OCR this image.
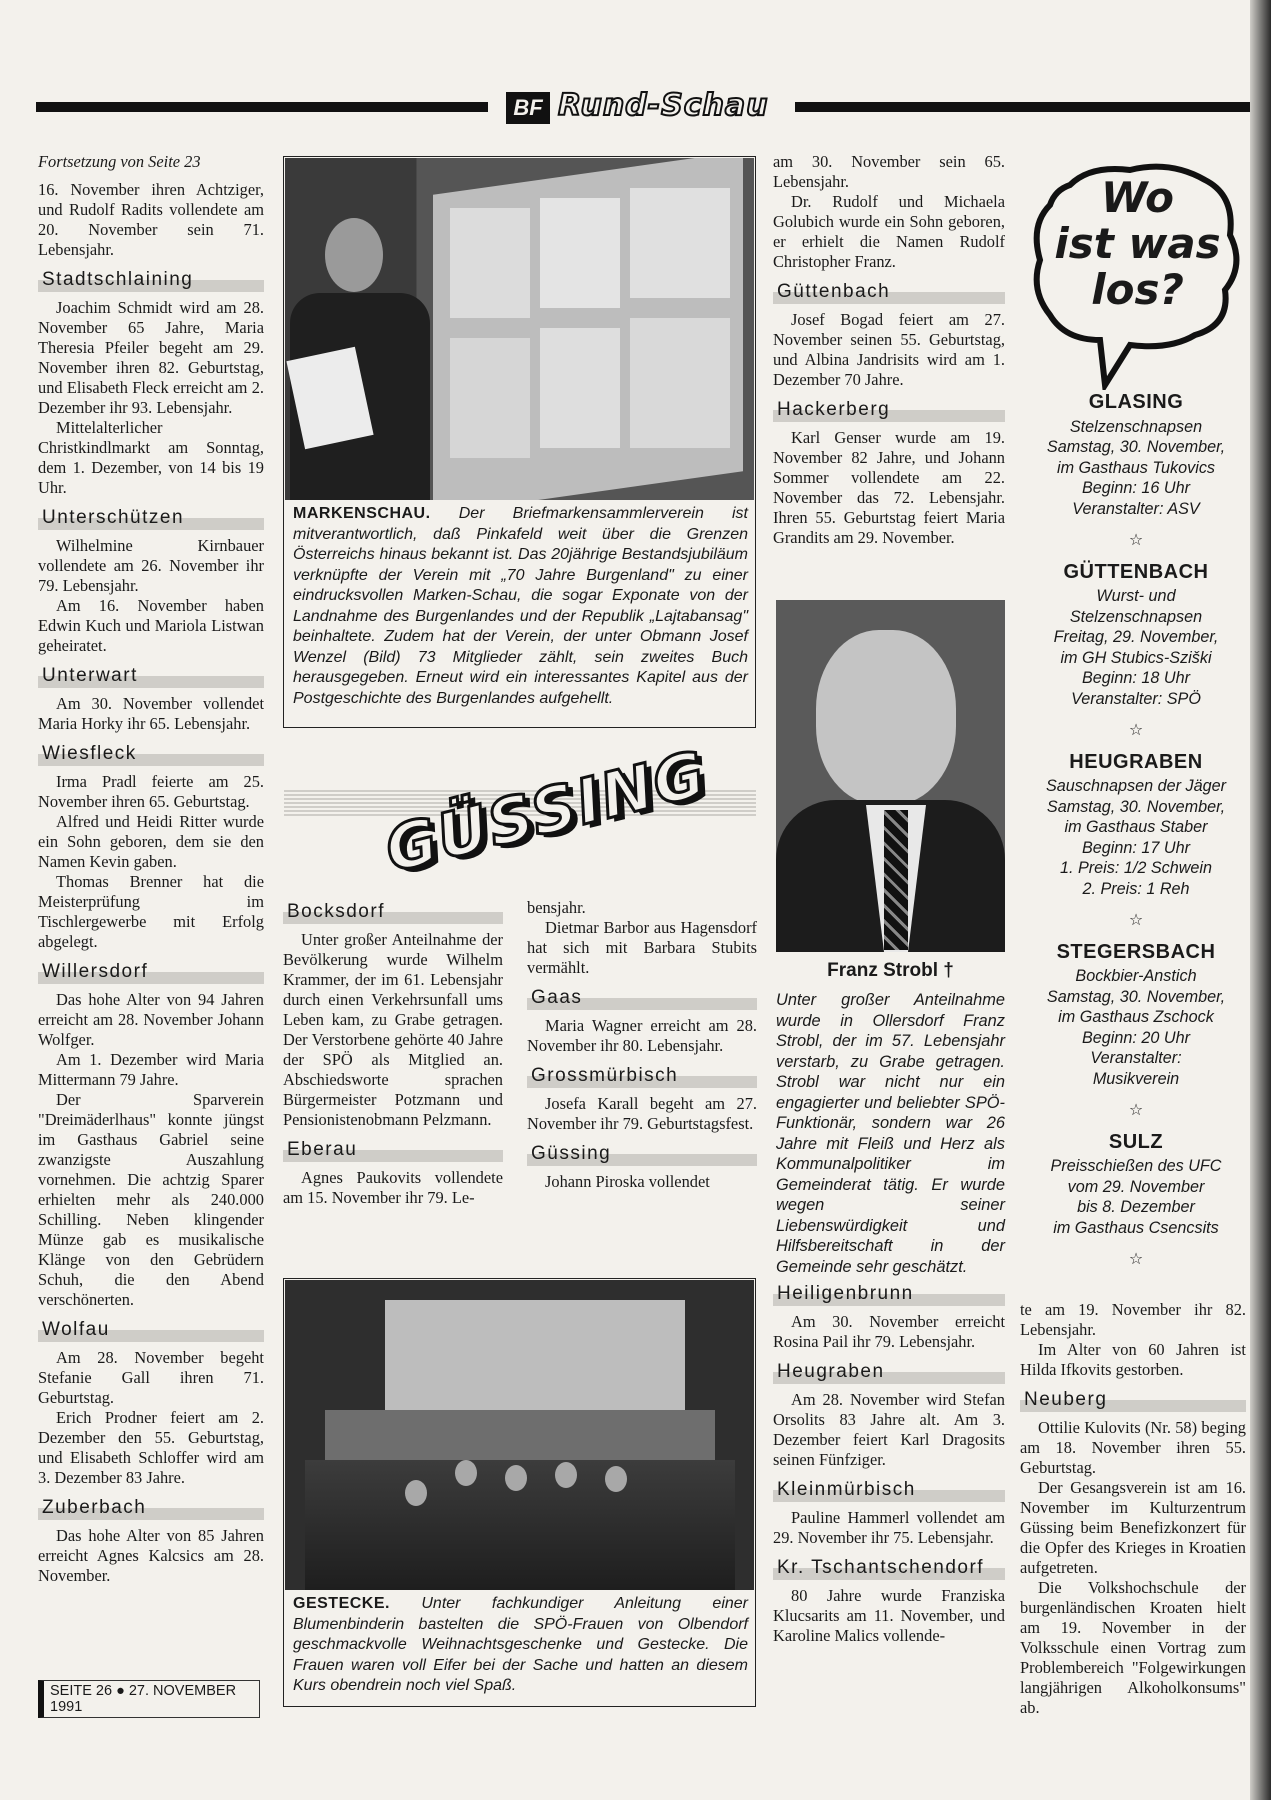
BF Rund-Schau

Fortsetzung von Seite 23

16. November ihren Achtziger, und Rudolf Radits vollendete am 20. November sein 71. Lebensjahr.

Stadtschlaining

Joachim Schmidt wird am 28. November 65 Jahre, Maria Theresia Pfeiler begeht am 29. November ihren 82. Geburtstag, und Elisabeth Fleck erreicht am 2. Dezember ihr 93. Lebensjahr.

Mittelalterlicher Christkindlmarkt am Sonntag, dem 1. Dezember, von 14 bis 19 Uhr.

Unterschützen

Wilhelmine Kirnbauer vollendete am 26. November ihr 79. Lebensjahr.

Am 16. November haben Edwin Kuch und Mariola Listwan geheiratet.

Unterwart

Am 30. November vollendet Maria Horky ihr 65. Lebensjahr.

Wiesfleck

Irma Pradl feierte am 25. November ihren 65. Geburtstag.

Alfred und Heidi Ritter wurde ein Sohn geboren, dem sie den Namen Kevin gaben.

Thomas Brenner hat die Meisterprüfung im Tischlergewerbe mit Erfolg abgelegt.

Willersdorf

Das hohe Alter von 94 Jahren erreicht am 28. November Johann Wolfger.

Am 1. Dezember wird Maria Mittermann 79 Jahre.

Der Sparverein "Dreimäderlhaus" konnte jüngst im Gasthaus Gabriel seine zwanzigste Auszahlung vornehmen. Die achtzig Sparer erhielten mehr als 240.000 Schilling. Neben klingender Münze gab es musikalische Klänge von den Gebrüdern Schuh, die den Abend verschönerten.

Wolfau

Am 28. November begeht Stefanie Gall ihren 71. Geburtstag.

Erich Prodner feiert am 2. Dezember den 55. Geburtstag, und Elisabeth Schloffer wird am 3. Dezember 83 Jahre.

Zuberbach

Das hohe Alter von 85 Jahren erreicht Agnes Kalcsics am 28. November.

SEITE 26 ● 27. NOVEMBER 1991
MARKENSCHAU. Der Briefmarkensammlerverein ist mitverantwortlich, daß Pinkafeld weit über die Grenzen Österreichs hinaus bekannt ist. Das 20jährige Bestandsjubiläum verknüpfte der Verein mit „70 Jahre Burgenland" zu einer eindrucksvollen Marken-Schau, die sogar Exponate von der Landnahme des Burgenlandes und der Republik „Lajtabansag" beinhaltete. Zudem hat der Verein, der unter Obmann Josef Wenzel (Bild) 73 Mitglieder zählt, sein zweites Buch herausgegeben. Erneut wird ein interessantes Kapitel aus der Postgeschichte des Burgenlandes aufgehellt.
GÜSSING
Bocksdorf

Unter großer Anteilnahme der Bevölkerung wurde Wilhelm Krammer, der im 61. Lebensjahr durch einen Verkehrsunfall ums Leben kam, zu Grabe getragen. Der Verstorbene gehörte 40 Jahre der SPÖ als Mitglied an. Abschiedsworte sprachen Bürgermeister Potzmann und Pensionistenobmann Pelzmann.

Eberau

Agnes Paukovits vollendete am 15. November ihr 79. Le-

bensjahr.

Dietmar Barbor aus Hagensdorf hat sich mit Barbara Stubits vermählt.

Gaas

Maria Wagner erreicht am 28. November ihr 80. Lebensjahr.

Grossmürbisch

Josefa Karall begeht am 27. November ihr 79. Geburtstagsfest.

Güssing

Johann Piroska vollendet

GESTECKE. Unter fachkundiger Anleitung einer Blumenbinderin bastelten die SPÖ-Frauen von Olbendorf geschmackvolle Weihnachtsgeschenke und Gestecke. Die Frauen waren voll Eifer bei der Sache und hatten an diesem Kurs obendrein noch viel Spaß.

am 30. November sein 65. Lebensjahr.

Dr. Rudolf und Michaela Golubich wurde ein Sohn geboren, er erhielt die Namen Rudolf Christopher Franz.

Güttenbach

Josef Bogad feiert am 27. November seinen 55. Geburtstag, und Albina Jandrisits wird am 1. Dezember 70 Jahre.

Hackerberg

Karl Genser wurde am 19. November 82 Jahre, und Johann Sommer vollendete am 22. November das 72. Lebensjahr. Ihren 55. Geburtstag feiert Maria Grandits am 29. November.

Franz Strobl †
Unter großer Anteilnahme wurde in Ollersdorf Franz Strobl, der im 57. Lebensjahr verstarb, zu Grabe getragen. Strobl war nicht nur ein engagierter und beliebter SPÖ-Funktionär, sondern war 26 Jahre mit Fleiß und Herz als Kommunalpolitiker im Gemeinderat tätig. Er wurde wegen seiner Liebenswürdigkeit und Hilfsbereitschaft in der Gemeinde sehr geschätzt.
Heiligenbrunn

Am 30. November erreicht Rosina Pail ihr 79. Lebensjahr.

Heugraben

Am 28. November wird Stefan Orsolits 83 Jahre alt. Am 3. Dezember feiert Karl Dragosits seinen Fünfziger.

Kleinmürbisch

Pauline Hammerl vollendet am 29. November ihr 75. Lebensjahr.

Kr. Tschantschendorf

80 Jahre wurde Franziska Klucsarits am 11. November, und Karoline Malics vollende-

Wo
ist was
los?
GLASING
Stelzenschnapsen
Samstag, 30. November,
im Gasthaus Tukovics
Beginn: 16 Uhr
Veranstalter: ASV
☆
GÜTTENBACH
Wurst- und
Stelzenschnapsen
Freitag, 29. November,
im GH Stubics-Sziški
Beginn: 18 Uhr
Veranstalter: SPÖ
☆
HEUGRABEN
Sauschnapsen der Jäger
Samstag, 30. November,
im Gasthaus Staber
Beginn: 17 Uhr
1. Preis: 1/2 Schwein
2. Preis: 1 Reh
☆
STEGERSBACH
Bockbier-Anstich
Samstag, 30. November,
im Gasthaus Zschock
Beginn: 20 Uhr
Veranstalter:
Musikverein
☆
SULZ
Preisschießen des UFC
vom 29. November
bis 8. Dezember
im Gasthaus Csencsits
☆

te am 19. November ihr 82. Lebensjahr.

Im Alter von 60 Jahren ist Hilda Ifkovits gestorben.

Neuberg

Ottilie Kulovits (Nr. 58) beging am 18. November ihren 55. Geburtstag.

Der Gesangsverein ist am 16. November im Kulturzentrum Güssing beim Benefizkonzert für die Opfer des Krieges in Kroatien aufgetreten.

Die Volkshochschule der burgenländischen Kroaten hielt am 19. November in der Volksschule einen Vortrag zum Problembereich "Folgewirkungen langjährigen Alkoholkonsums" ab.
